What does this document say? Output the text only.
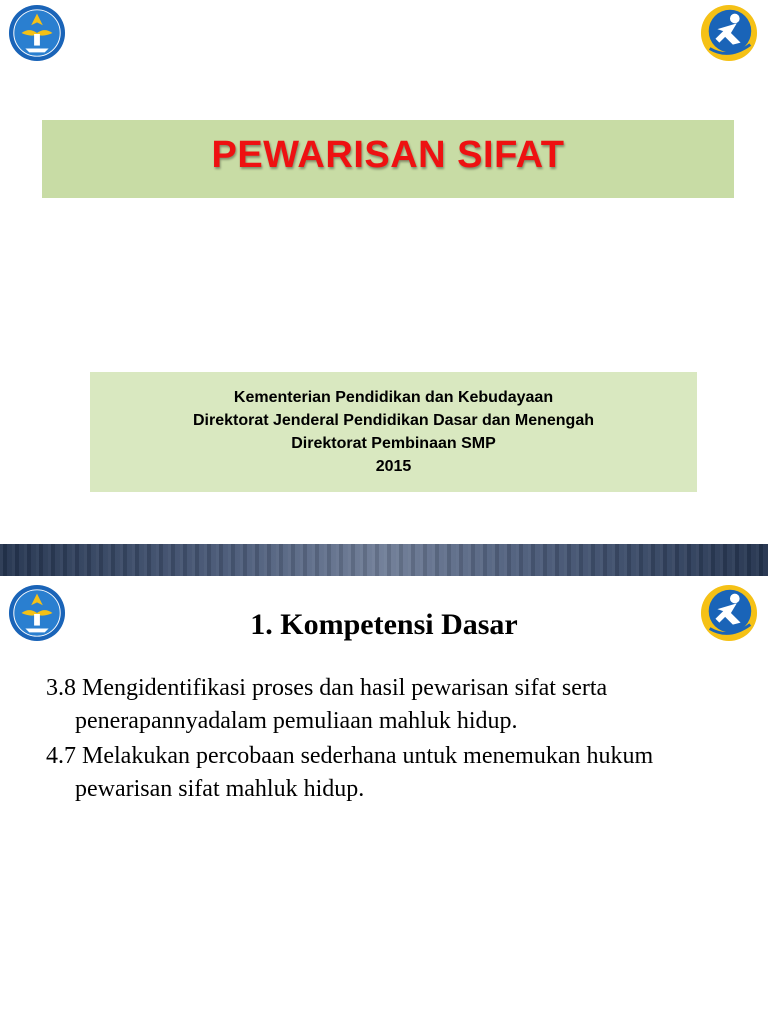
PEWARISAN SIFAT
Kementerian Pendidikan dan Kebudayaan
Direktorat Jenderal Pendidikan Dasar dan Menengah
Direktorat Pembinaan SMP
2015
1. Kompetensi Dasar
3.8 Mengidentifikasi proses dan hasil pewarisan sifat serta penerapannyadalam pemuliaan mahluk hidup.
4.7 Melakukan percobaan sederhana untuk menemukan hukum pewarisan sifat mahluk hidup.
